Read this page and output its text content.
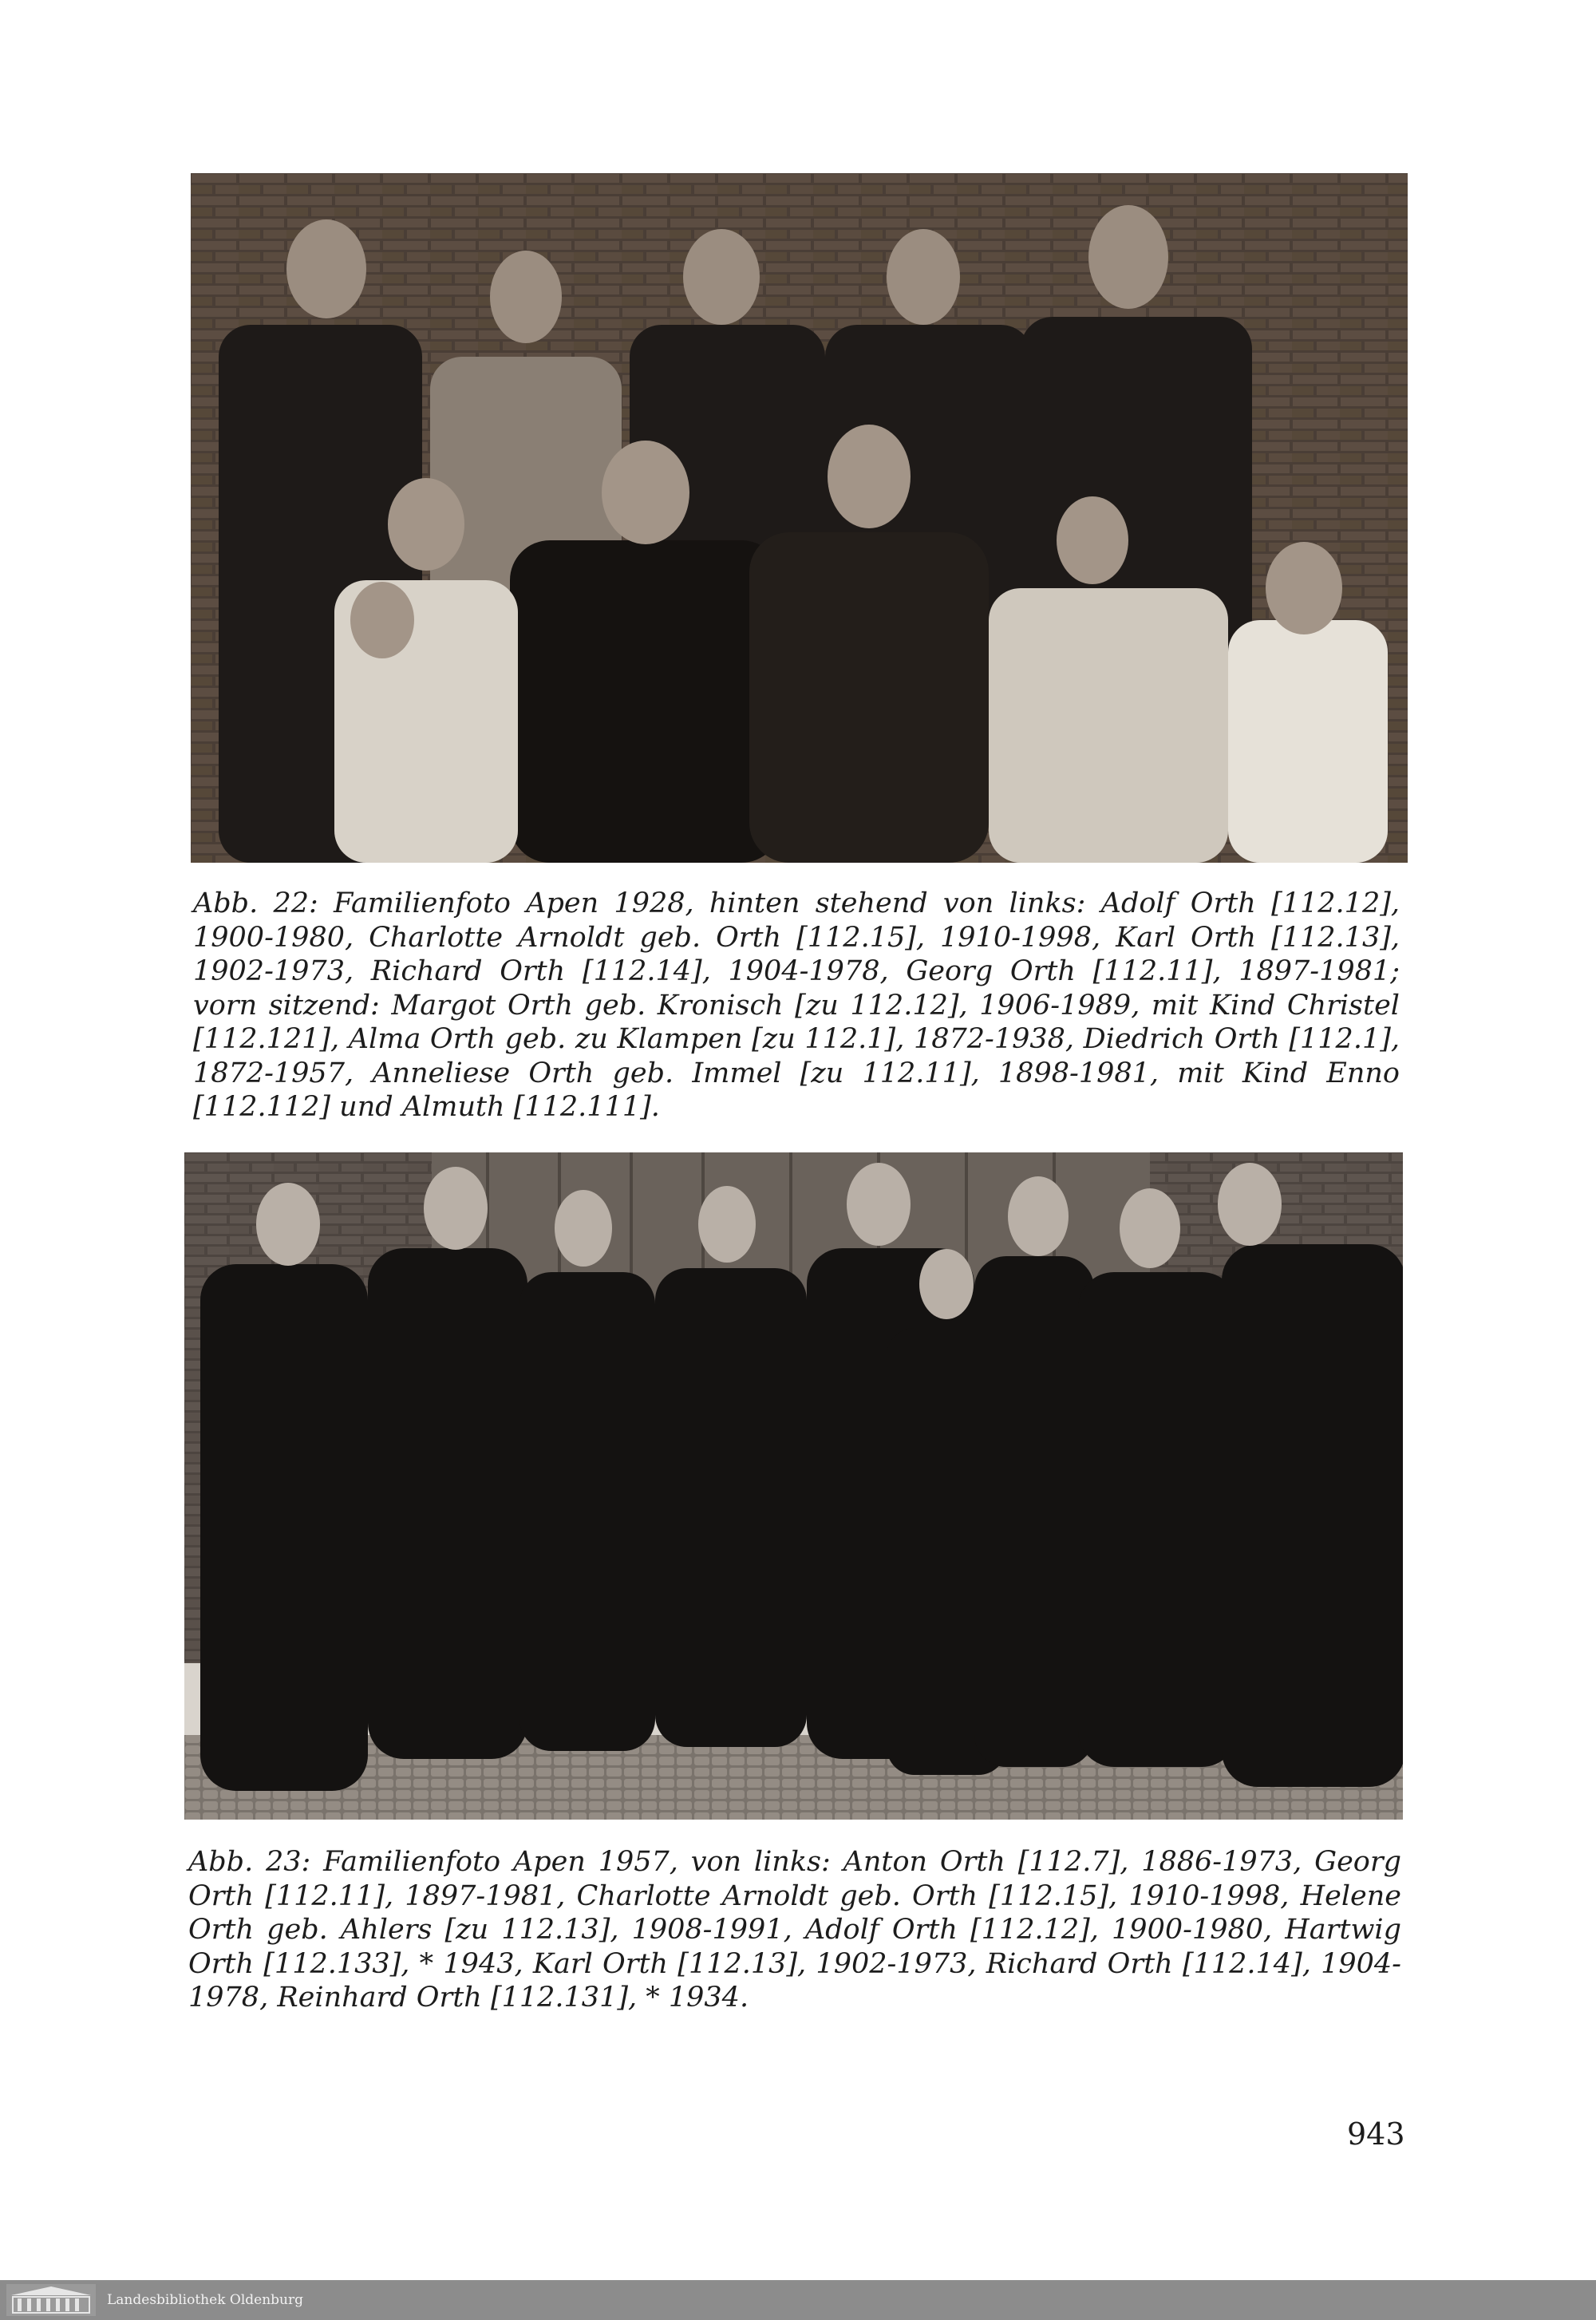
Abb. 22: Familienfoto Apen 1928, hinten stehend von links: Adolf Orth [112.12], 1900-1980, Charlotte Arnoldt geb. Orth [112.15], 1910-1998, Karl Orth [112.13], 1902-1973, Richard Orth [112.14], 1904-1978, Georg Orth [112.11], 1897-1981; vorn sitzend: Margot Orth geb. Kronisch [zu 112.12], 1906-1989, mit Kind Christel [112.121], Alma Orth geb. zu Klampen [zu 112.1], 1872-1938, Diedrich Orth [112.1], 1872-1957, Anneliese Orth geb. Immel [zu 112.11], 1898-1981, mit Kind Enno [112.112] und Almuth [112.111].

Abb. 23: Familienfoto Apen 1957, von links: Anton Orth [112.7], 1886-1973, Georg Orth [112.11], 1897-1981, Charlotte Arnoldt geb. Orth [112.15], 1910-1998, Helene Orth geb. Ahlers [zu 112.13], 1908-1991, Adolf Orth [112.12], 1900-1980, Hartwig Orth [112.133], * 1943, Karl Orth [112.13], 1902-1973, Richard Orth [112.14], 1904-1978, Reinhard Orth [112.131], * 1934.

943
Landesbibliothek Oldenburg
